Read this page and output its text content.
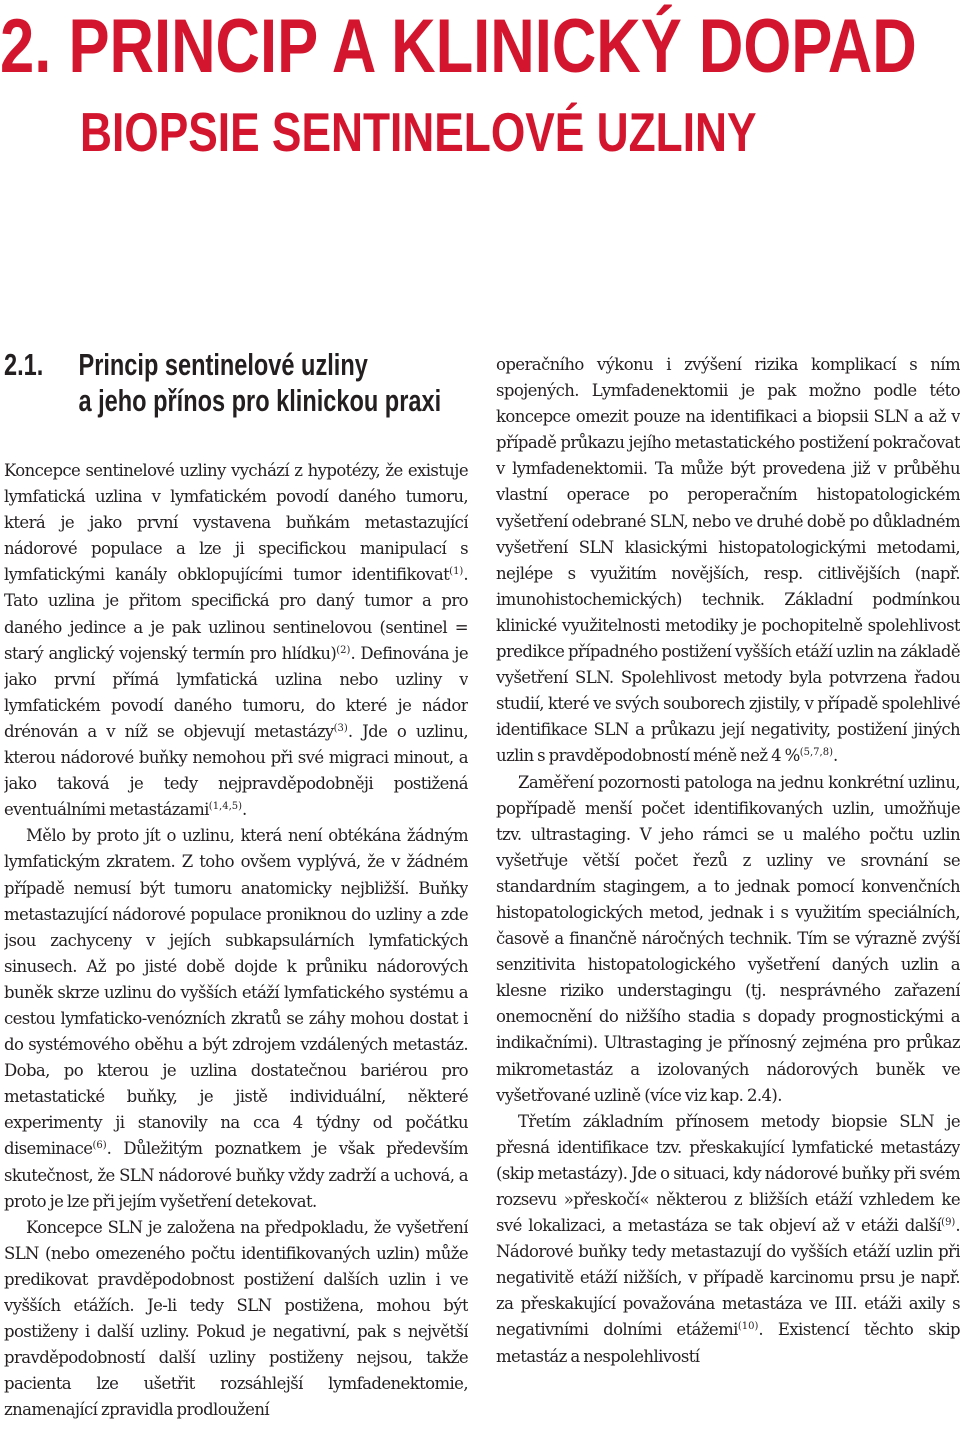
2. PRINCIP A KLINICKÝ DOPAD
BIOPSIE SENTINELOVÉ UZLINY
2.1. Princip sentinelové uzliny
a jeho přínos pro klinickou praxi

Koncepce sentinelové uzliny vychází z hypotézy, že existuje lymfatická uzlina v lymfatickém povodí daného tumoru, která je jako první vystavena buňkám metastazující nádorové populace a lze ji specifickou manipulací s lymfatickými kanály obklopujícími tumor identifikovat$^{(1)}$. Tato uzlina je přitom specifická pro daný tumor a pro daného jedince a je pak uzlinou sentinelovou (sentinel = starý anglický vojenský termín pro hlídku)$^{(2)}$. Definována je jako první přímá lymfatická uzlina nebo uzliny v lymfatickém povodí daného tumoru, do které je nádor drénován a v níž se objevují metastázy$^{(3)}$. Jde o uzlinu, kterou nádorové buňky nemohou při své migraci minout, a jako taková je tedy nejpravděpodobněji postižená eventuálními metastázami$^{(1,4,5)}$.

Mělo by proto jít o uzlinu, která není obtékána žádným lymfatickým zkratem. Z toho ovšem vyplývá, že v žádném případě nemusí být tumoru anatomicky nejbližší. Buňky metastazující nádorové populace proniknou do uzliny a zde jsou zachyceny v jejích subkapsulárních lymfatických sinusech. Až po jisté době dojde k průniku nádorových buněk skrze uzlinu do vyšších etáží lymfatického systému a cestou lymfaticko-venózních zkratů se záhy mohou dostat i do systémového oběhu a být zdrojem vzdálených metastáz. Doba, po kterou je uzlina dostatečnou bariérou pro metastatické buňky, je jistě individuální, některé experimenty ji stanovily na cca 4 týdny od počátku diseminace$^{(6)}$. Důležitým poznatkem je však především skutečnost, že SLN nádorové buňky vždy zadrží a uchová, a proto je lze při jejím vyšetření detekovat.

Koncepce SLN je založena na předpokladu, že vyšetření SLN (nebo omezeného počtu identifikovaných uzlin) může predikovat pravděpodobnost postižení dalších uzlin i ve vyšších etážích. Je-li tedy SLN postižena, mohou být postiženy i další uzliny. Pokud je negativní, pak s největší pravděpodobností další uzliny postiženy nejsou, takže pacienta lze ušetřit rozsáhlejší lymfadenektomie, znamenající zpravidla prodloužení

operačního výkonu i zvýšení rizika komplikací s ním spojených. Lymfadenektomii je pak možno podle této koncepce omezit pouze na identifikaci a biopsii SLN a až v případě průkazu jejího metastatického postižení pokračovat v lymfadenektomii. Ta může být provedena již v průběhu vlastní operace po peroperačním histopatologickém vyšetření odebrané SLN, nebo ve druhé době po důkladném vyšetření SLN klasickými histopatologickými metodami, nejlépe s využitím novějších, resp. citlivějších (např. imunohistochemických) technik. Základní podmínkou klinické využitelnosti metodiky je pochopitelně spolehlivost predikce případného postižení vyšších etáží uzlin na základě vyšetření SLN. Spolehlivost metody byla potvrzena řadou studií, které ve svých souborech zjistily, v případě spolehlivé identifikace SLN a průkazu její negativity, postižení jiných uzlin s pravděpodobností méně než 4 %$^{(5,7,8)}$.

Zaměření pozornosti patologa na jednu konkrétní uzlinu, popřípadě menší počet identifikovaných uzlin, umožňuje tzv. ultrastaging. V jeho rámci se u malého počtu uzlin vyšetřuje větší počet řezů z uzliny ve srovnání se standardním stagingem, a to jednak pomocí konvenčních histopatologických metod, jednak i s využitím speciálních, časově a finančně náročných technik. Tím se výrazně zvýší senzitivita histopatologického vyšetření daných uzlin a klesne riziko understagingu (tj. nesprávného zařazení onemocnění do nižšího stadia s dopady prognostickými a indikačními). Ultrastaging je přínosný zejména pro průkaz mikrometastáz a izolovaných nádorových buněk ve vyšetřované uzlině (více viz kap. 2.4).

Třetím základním přínosem metody biopsie SLN je přesná identifikace tzv. přeskakující lymfatické metastázy (skip metastázy). Jde o situaci, kdy nádorové buňky při svém rozsevu »přeskočí« některou z bližších etáží vzhledem ke své lokalizaci, a metastáza se tak objeví až v etáži další$^{(9)}$. Nádorové buňky tedy metastazují do vyšších etáží uzlin při negativitě etáží nižších, v případě karcinomu prsu je např. za přeskakující považována metastáza ve III. etáži axily s negativními dolními etážemi$^{(10)}$. Existencí těchto skip metastáz a nespolehlivostí
